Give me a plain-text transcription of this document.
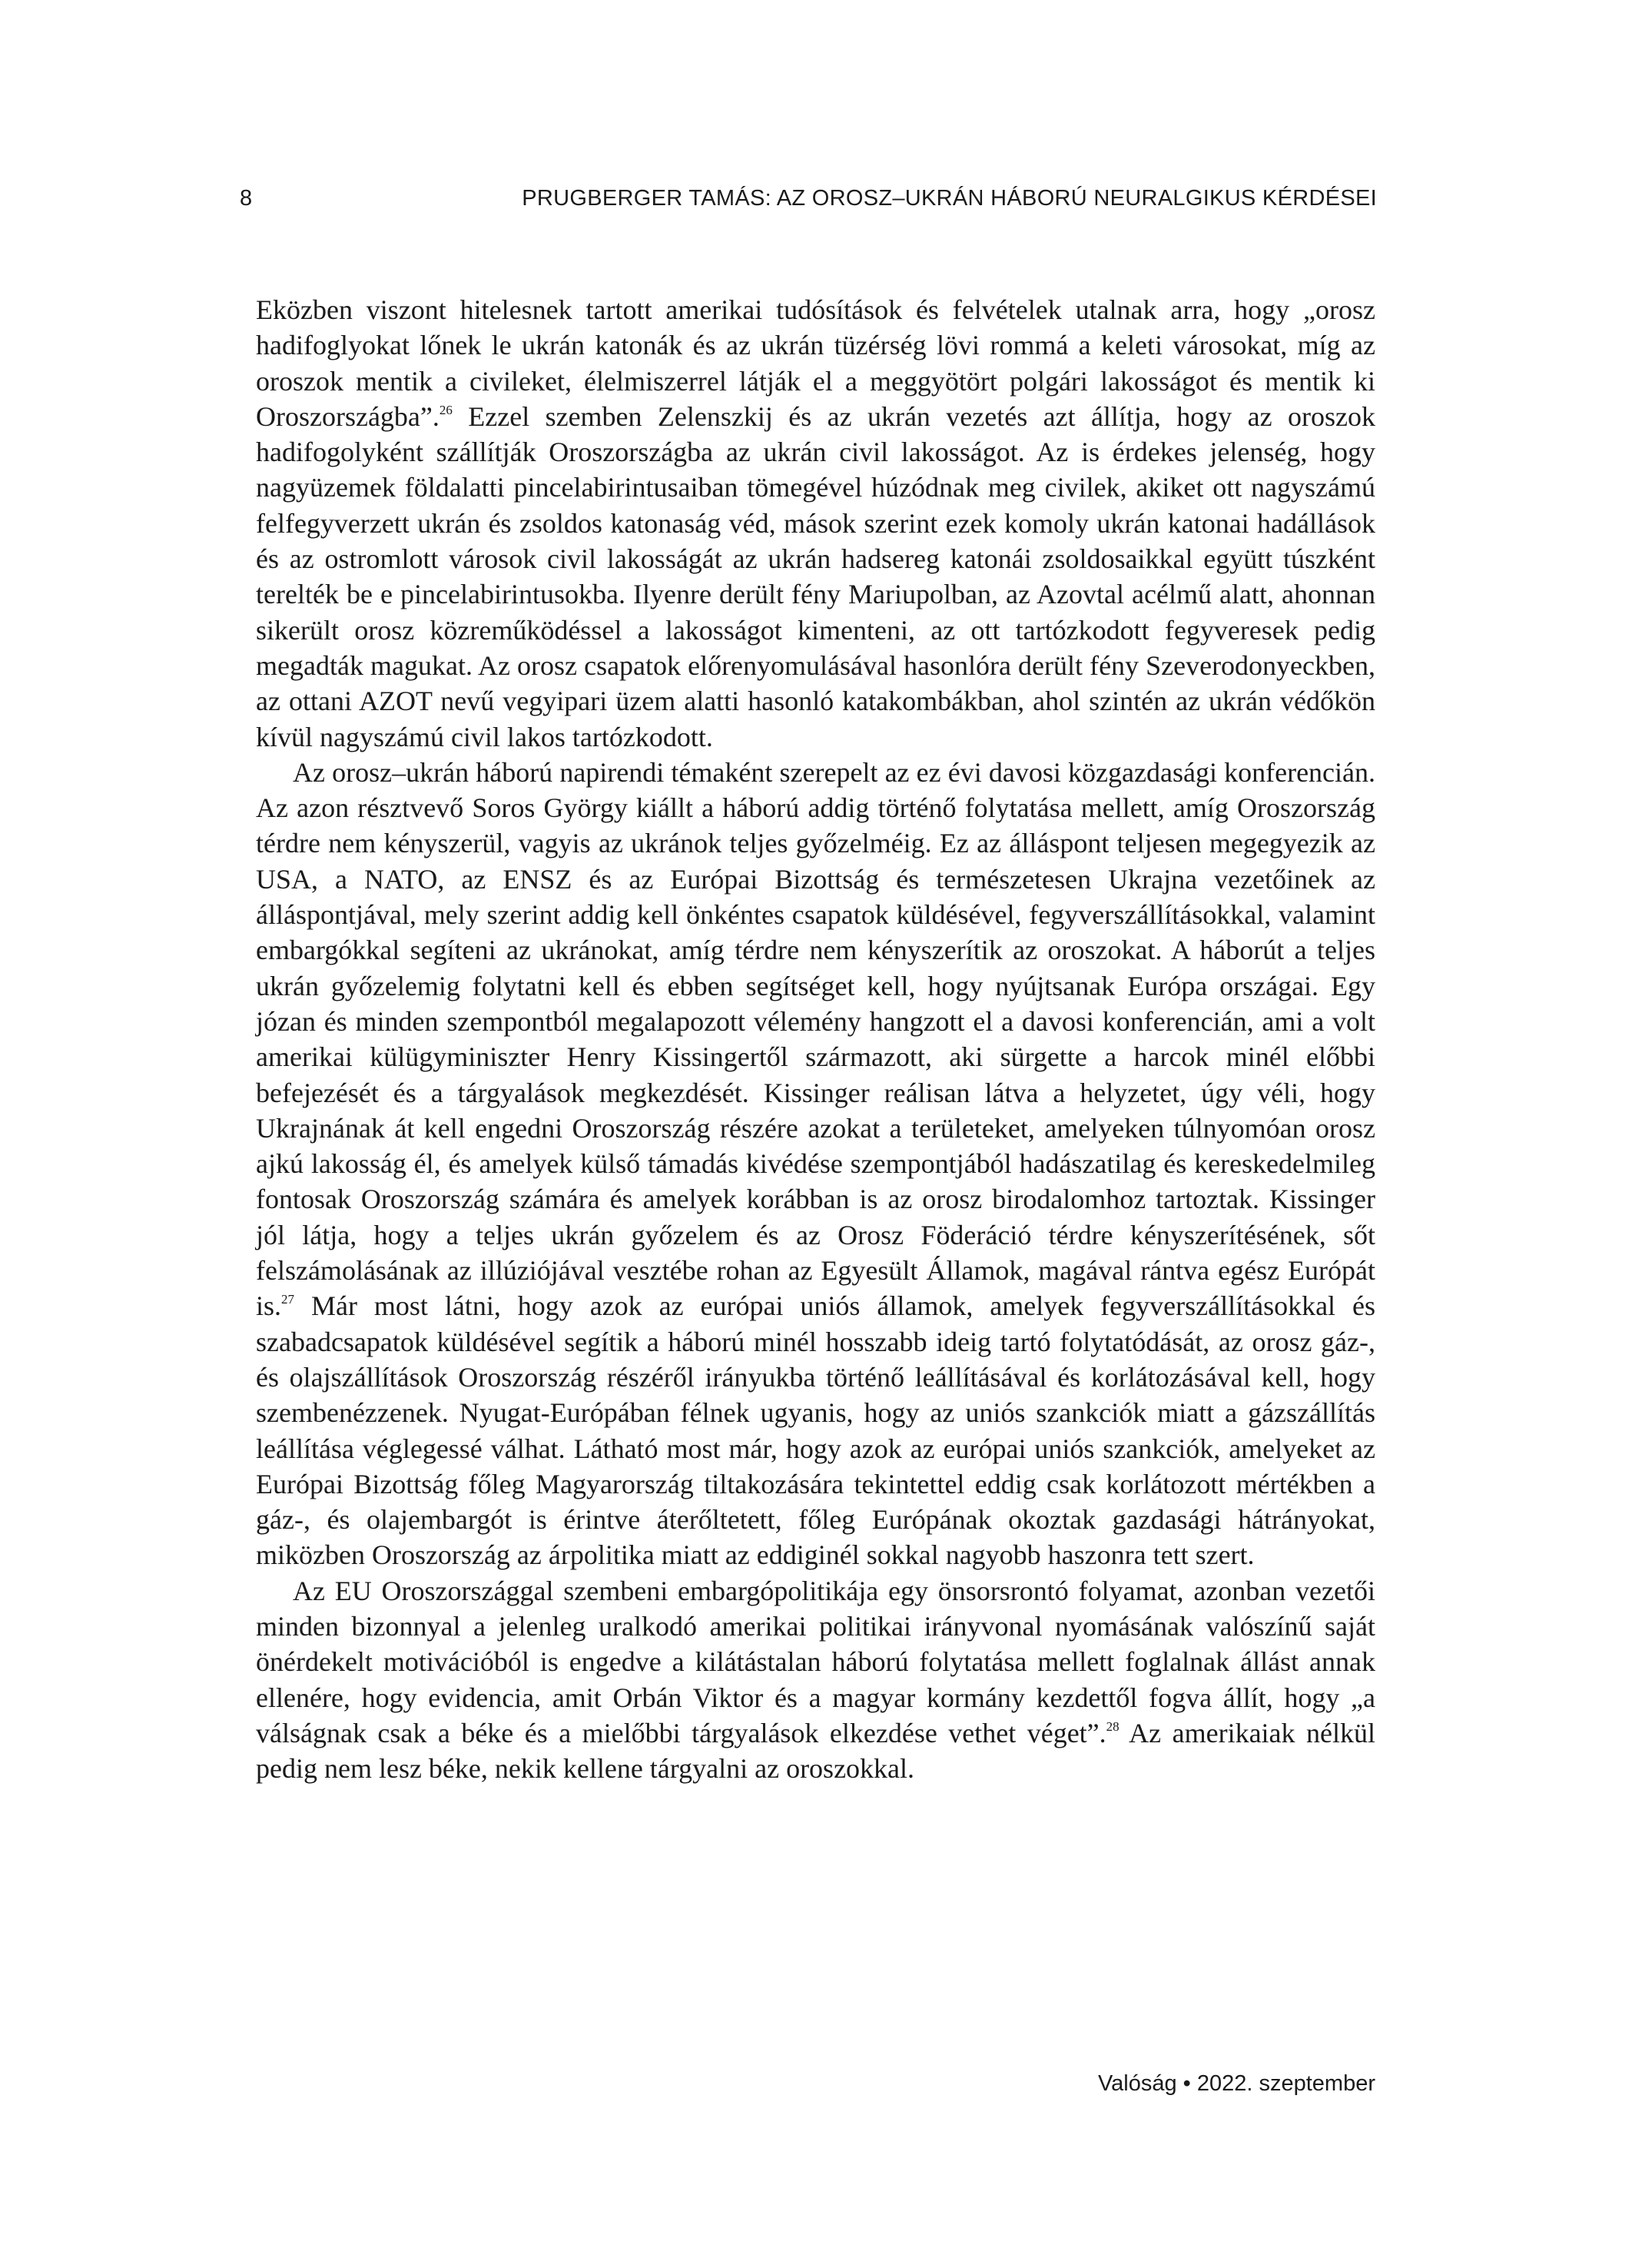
8	PRUGBERGER TAMÁS: AZ OROSZ–UKRÁN HÁBORÚ NEURALGIKUS KÉRDÉSEI

Eközben viszont hitelesnek tartott amerikai tudósítások és felvételek utalnak arra, hogy „orosz hadifoglyokat lőnek le ukrán katonák és az ukrán tüzérség lövi rommá a keleti városokat, míg az oroszok mentik a civileket, élelmiszerrel látják el a meggyötört polgári lakosságot és mentik ki Oroszországba”.$^{26}$ Ezzel szemben Zelenszkij és az ukrán vezetés azt állítja, hogy az oroszok hadifogolyként szállítják Oroszországba az ukrán civil lakosságot. Az is érdekes jelenség, hogy nagyüzemek földalatti pincelabirintusaiban tömegével húzódnak meg civilek, akiket ott nagyszámú felfegyverzett ukrán és zsoldos katonaság véd, mások szerint ezek komoly ukrán katonai hadállások és az ostromlott városok civil lakosságát az ukrán hadsereg katonái zsoldosaikkal együtt túszként terelték be e pincelabirintusokba. Ilyenre derült fény Mariupolban, az Azovtal acélmű alatt, ahonnan sikerült orosz közreműködéssel a lakosságot kimenteni, az ott tartózkodott fegyveresek pedig megadták magukat. Az orosz csapatok előrenyomulásával hasonlóra derült fény Szeverodonyeckben, az ottani AZOT nevű vegyipari üzem alatti hasonló katakombákban, ahol szintén az ukrán védőkön kívül nagyszámú civil lakos tartózkodott.

Az orosz–ukrán háború napirendi témaként szerepelt az ez évi davosi közgazdasági konferencián. Az azon résztvevő Soros György kiállt a háború addig történő folytatása mellett, amíg Oroszország térdre nem kényszerül, vagyis az ukránok teljes győzelméig. Ez az álláspont teljesen megegyezik az USA, a NATO, az ENSZ és az Európai Bizottság és természetesen Ukrajna vezetőinek az álláspontjával, mely szerint addig kell önkéntes csapatok küldésével, fegyverszállításokkal, valamint embargókkal segíteni az ukránokat, amíg térdre nem kényszerítik az oroszokat. A háborút a teljes ukrán győzelemig folytatni kell és ebben segítséget kell, hogy nyújtsanak Európa országai. Egy józan és minden szempontból megalapozott vélemény hangzott el a davosi konferencián, ami a volt amerikai külügyminiszter Henry Kissingertől származott, aki sürgette a harcok minél előbbi befejezését és a tárgyalások megkezdését. Kissinger reálisan látva a helyzetet, úgy véli, hogy Ukrajnának át kell engedni Oroszország részére azokat a területeket, amelyeken túlnyomóan orosz ajkú lakosság él, és amelyek külső támadás kivédése szempontjából hadászatilag és kereskedelmileg fontosak Oroszország számára és amelyek korábban is az orosz birodalomhoz tartoztak. Kissinger jól látja, hogy a teljes ukrán győzelem és az Orosz Föderáció térdre kényszerítésének, sőt felszámolásának az illúziójával vesztébe rohan az Egyesült Államok, magával rántva egész Európát is.$^{27}$ Már most látni, hogy azok az európai uniós államok, amelyek fegyverszállításokkal és szabadcsapatok küldésével segítik a háború minél hosszabb ideig tartó folytatódását, az orosz gáz-, és olajszállítások Oroszország részéről irányukba történő leállításával és korlátozásával kell, hogy szembenézzenek. Nyugat-Európában félnek ugyanis, hogy az uniós szankciók miatt a gázszállítás leállítása véglegessé válhat. Látható most már, hogy azok az európai uniós szankciók, amelyeket az Európai Bizottság főleg Magyarország tiltakozására tekintettel eddig csak korlátozott mértékben a gáz-, és olajembargót is érintve áterőltetett, főleg Európának okoztak gazdasági hátrányokat, miközben Oroszország az árpolitika miatt az eddiginél sokkal nagyobb haszonra tett szert.

Az EU Oroszországgal szembeni embargópolitikája egy önsorsrontó folyamat, azonban vezetői minden bizonnyal a jelenleg uralkodó amerikai politikai irányvonal nyomásának valószínű saját önérdekelt motivációból is engedve a kilátástalan háború folytatása mellett foglalnak állást annak ellenére, hogy evidencia, amit Orbán Viktor és a magyar kormány kezdettől fogva állít, hogy „a válságnak csak a béke és a mielőbbi tárgyalások elkezdése vethet véget”.$^{28}$ Az amerikaiak nélkül pedig nem lesz béke, nekik kellene tárgyalni az oroszokkal.

Valóság • 2022. szeptember
